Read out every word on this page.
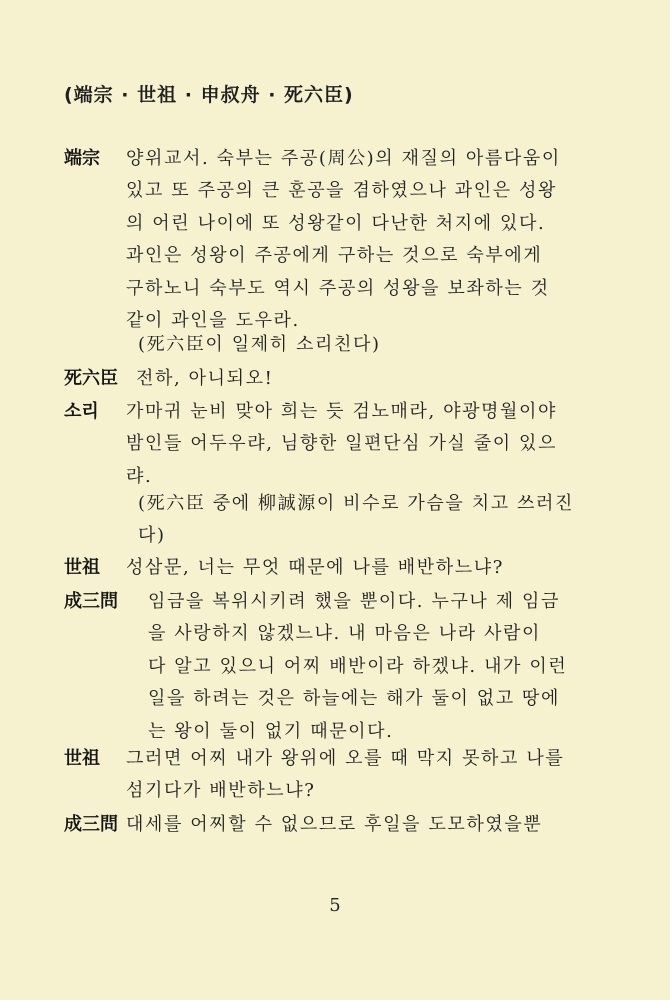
(端宗 · 世祖 · 申叔舟 · 死六臣)
端宗 양위교서. 숙부는 주공(周公)의 재질의 아름다움이
있고 또 주공의 큰 훈공을 겸하였으나 과인은 성왕
의 어린 나이에 또 성왕같이 다난한 처지에 있다.
과인은 성왕이 주공에게 구하는 것으로 숙부에게
구하노니 숙부도 역시 주공의 성왕을 보좌하는 것
같이 과인을 도우라.
(死六臣이 일제히 소리친다)
死六臣 전하, 아니되오!
소리 가마귀 눈비 맞아 희는 듯 검노매라, 야광명월이야
밤인들 어두우랴, 님향한 일편단심 가실 줄이 있으
랴.
(死六臣 중에 柳誠源이 비수로 가슴을 치고 쓰러진
다)
世祖 성삼문, 너는 무엇 때문에 나를 배반하느냐?
成三問 임금을 복위시키려 했을 뿐이다. 누구나 제 임금
을 사랑하지 않겠느냐. 내 마음은 나라 사람이
다 알고 있으니 어찌 배반이라 하겠냐. 내가 이런
일을 하려는 것은 하늘에는 해가 둘이 없고 땅에
는 왕이 둘이 없기 때문이다.
世祖 그러면 어찌 내가 왕위에 오를 때 막지 못하고 나를
섬기다가 배반하느냐?
成三問 대세를 어찌할 수 없으므로 후일을 도모하였을뿐
5
